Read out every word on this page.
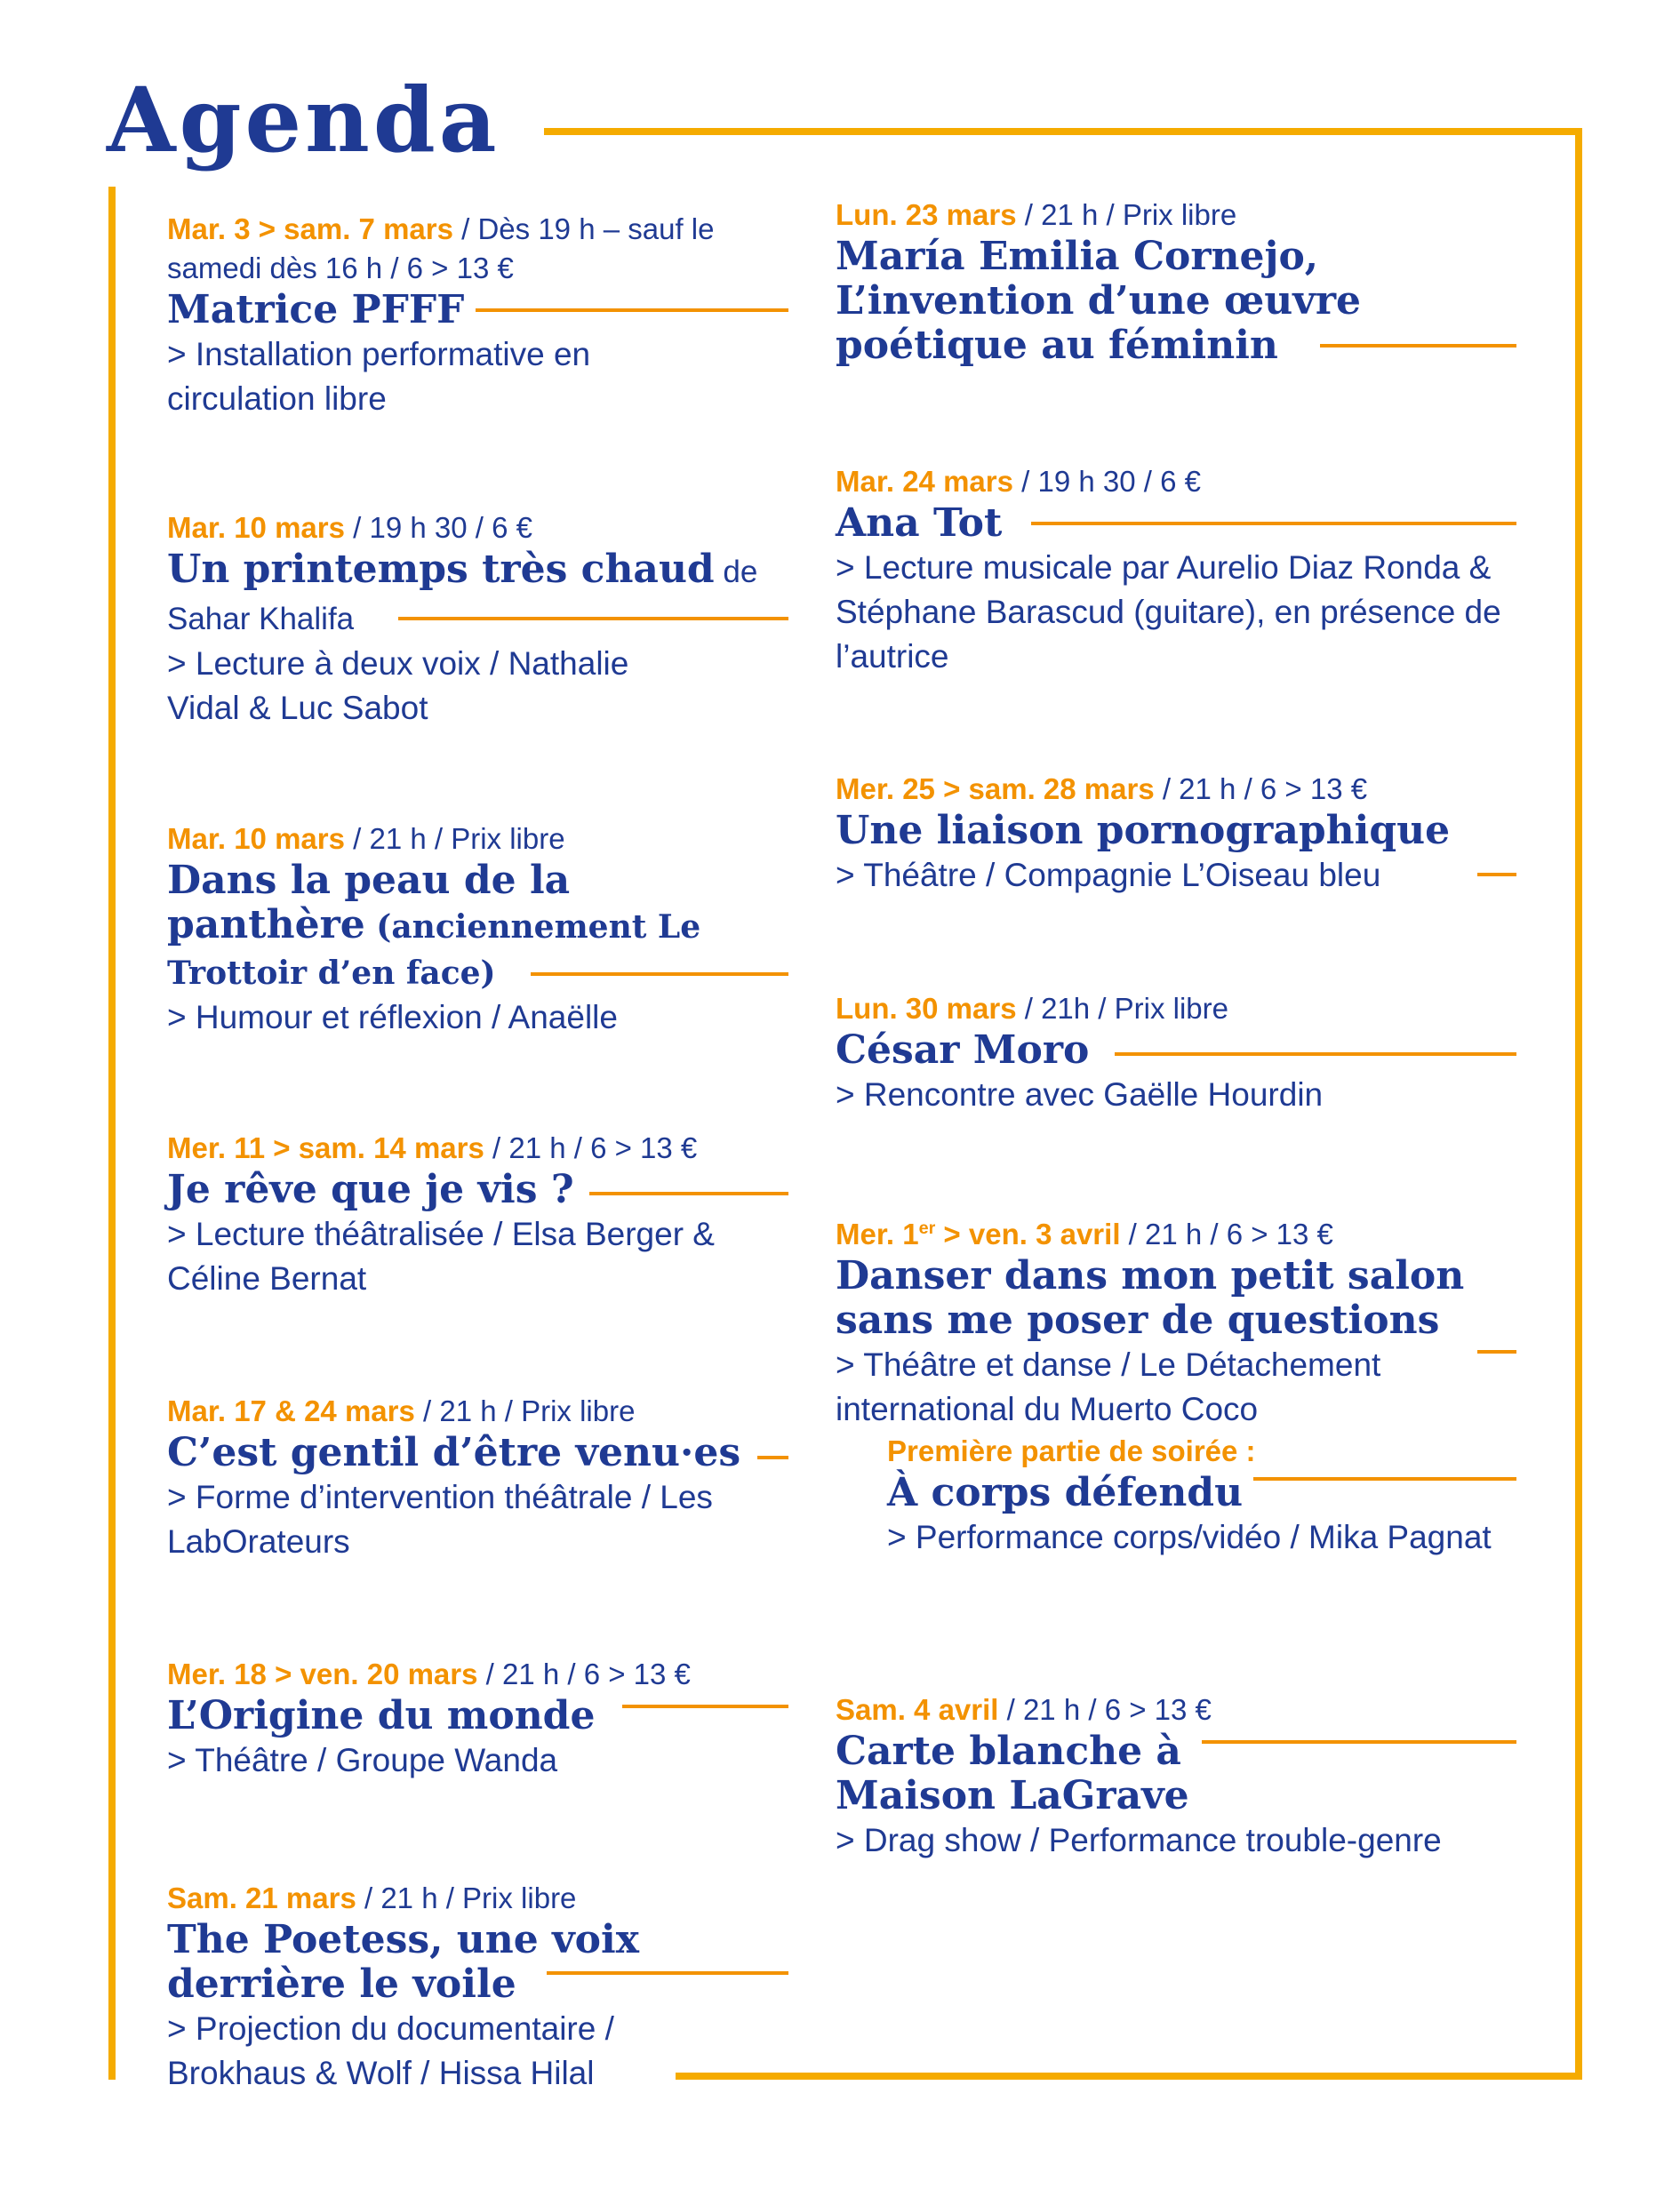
Agenda
Mar. 3 > sam. 7 mars / Dès 19 h – sauf le samedi dès 16 h / 6 > 13 €
Matrice PFFF
> Installation performative en circulation libre
Mar. 10 mars / 19 h 30 / 6 €
Un printemps très chaud de Sahar Khalifa
> Lecture à deux voix / Nathalie Vidal & Luc Sabot
Mar. 10 mars / 21 h / Prix libre
Dans la peau de la panthère (anciennement Le Trottoir d’en face)
> Humour et réflexion / Anaëlle
Mer. 11 > sam. 14 mars / 21 h / 6 > 13 €
Je rêve que je vis ?
> Lecture théâtralisée / Elsa Berger & Céline Bernat
Mar. 17 & 24 mars / 21 h / Prix libre
C’est gentil d’être venu·es
> Forme d’intervention théâtrale / Les LabOrateurs
Mer. 18 > ven. 20 mars / 21 h / 6 > 13 €
L’Origine du monde
> Théâtre / Groupe Wanda
Sam. 21 mars / 21 h / Prix libre
The Poetess, une voix derrière le voile
> Projection du documentaire / Brokhaus & Wolf / Hissa Hilal
Lun. 23 mars / 21 h / Prix libre
María Emilia Cornejo, L’invention d’une œuvre poétique au féminin
Mar. 24 mars / 19 h 30 / 6 €
Ana Tot
> Lecture musicale par Aurelio Diaz Ronda & Stéphane Barascud (guitare), en présence de l’autrice
Mer. 25 > sam. 28 mars / 21 h / 6 > 13 €
Une liaison pornographique
> Théâtre / Compagnie L’Oiseau bleu
Lun. 30 mars / 21h / Prix libre
César Moro
> Rencontre avec Gaëlle Hourdin
Mer. 1er > ven. 3 avril / 21 h / 6 > 13 €
Danser dans mon petit salon sans me poser de questions
> Théâtre et danse / Le Détachement international du Muerto Coco
Première partie de soirée :
À corps défendu
> Performance corps/vidéo / Mika Pagnat
Sam. 4 avril / 21 h / 6 > 13 €
Carte blanche à Maison LaGrave
> Drag show / Performance trouble-genre
